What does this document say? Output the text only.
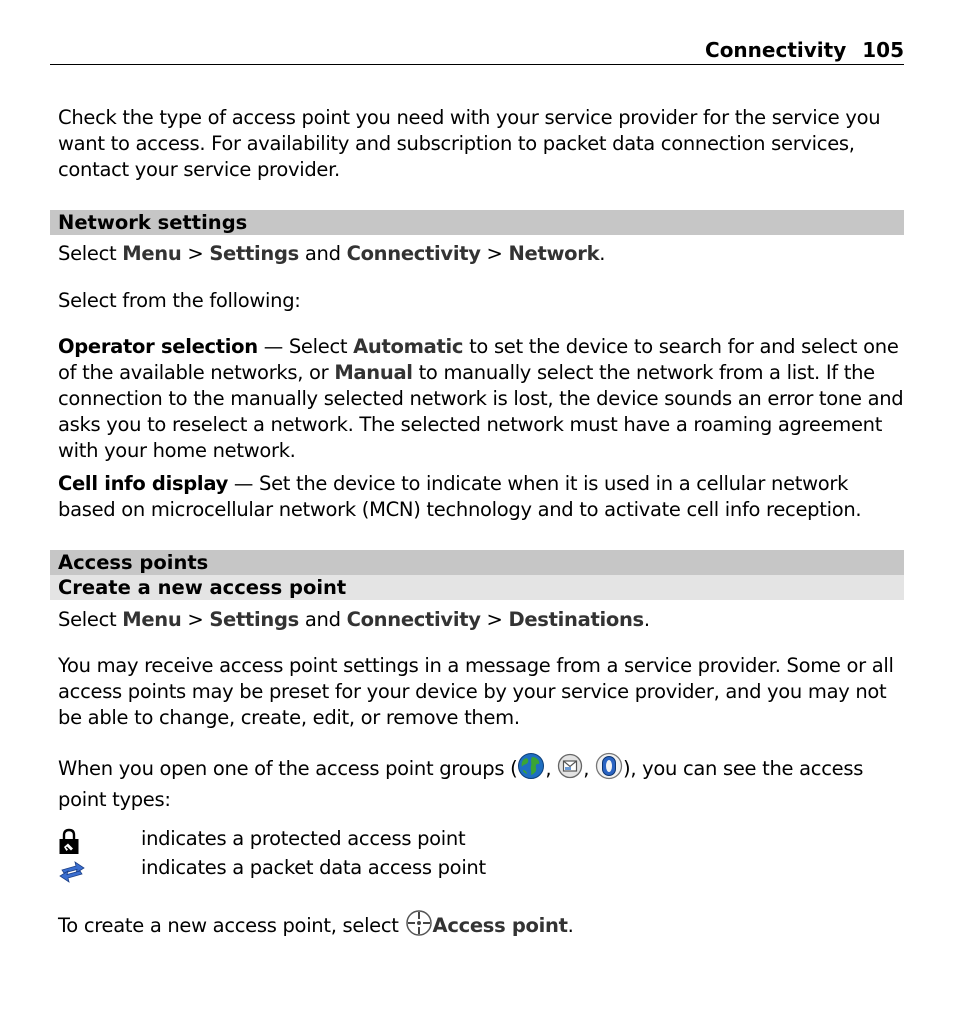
Connectivity 105
Check the type of access point you need with your service provider for the service you want to access. For availability and subscription to packet data connection services, contact your service provider.
Network settings
Select Menu > Settings and Connectivity > Network.
Select from the following:
Operator selection — Select Automatic to set the device to search for and select one of the available networks, or Manual to manually select the network from a list. If the connection to the manually selected network is lost, the device sounds an error tone and asks you to reselect a network. The selected network must have a roaming agreement with your home network.
Cell info display — Set the device to indicate when it is used in a cellular network based on microcellular network (MCN) technology and to activate cell info reception.
Access points
Create a new access point
Select Menu > Settings and Connectivity > Destinations.
You may receive access point settings in a message from a service provider. Some or all access points may be preset for your device by your service provider, and you may not be able to change, create, edit, or remove them.
When you open one of the access point groups ( , , ), you can see the access point types:
indicates a protected access point
indicates a packet data access point
To create a new access point, select Access point.
